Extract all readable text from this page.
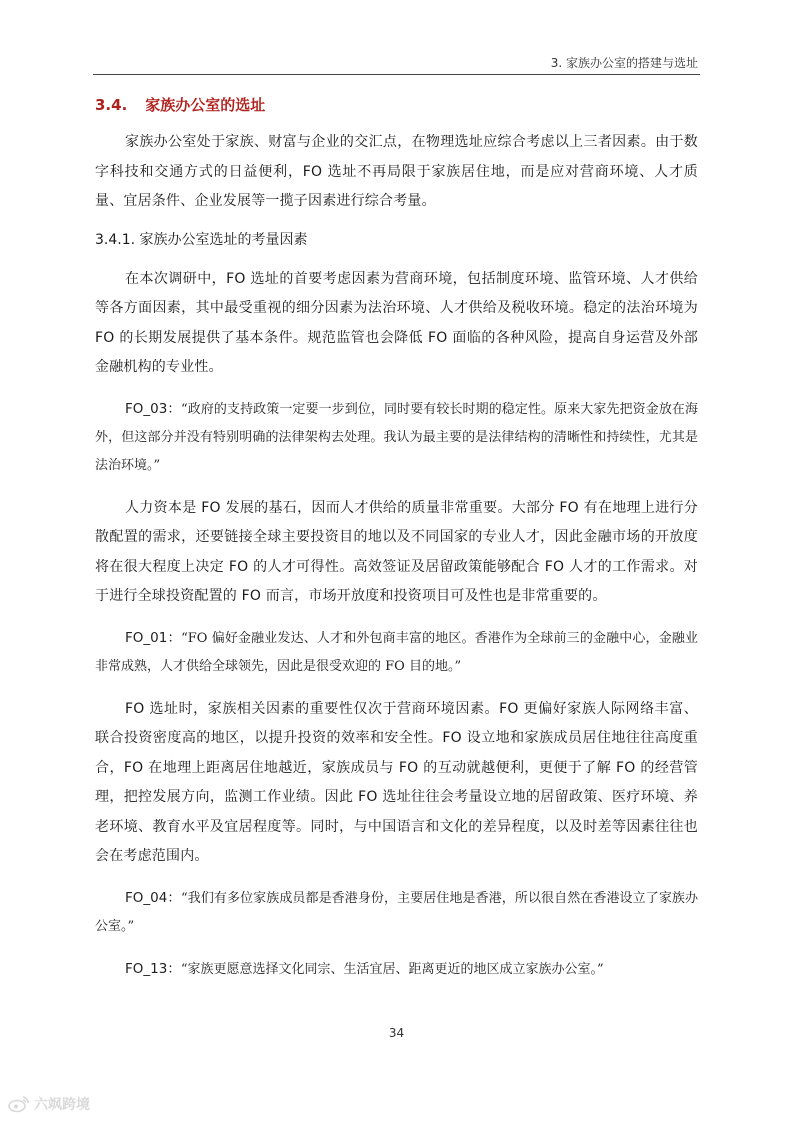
3. 家族办公室的搭建与选址
3.4. 家族办公室的选址

家族办公室处于家族、财富与企业的交汇点，在物理选址应综合考虑以上三者因素。由于数字科技和交通方式的日益便利，FO 选址不再局限于家族居住地，而是应对营商环境、人才质量、宜居条件、企业发展等一揽子因素进行综合考量。

3.4.1. 家族办公室选址的考量因素

在本次调研中，FO 选址的首要考虑因素为营商环境，包括制度环境、监管环境、人才供给等各方面因素，其中最受重视的细分因素为法治环境、人才供给及税收环境。稳定的法治环境为 FO 的长期发展提供了基本条件。规范监管也会降低 FO 面临的各种风险，提高自身运营及外部金融机构的专业性。

FO_03：“政府的支持政策一定要一步到位，同时要有较长时期的稳定性。原来大家先把资金放在海外，但这部分并没有特别明确的法律架构去处理。我认为最主要的是法律结构的清晰性和持续性，尤其是法治环境。”

人力资本是 FO 发展的基石，因而人才供给的质量非常重要。大部分 FO 有在地理上进行分散配置的需求，还要链接全球主要投资目的地以及不同国家的专业人才，因此金融市场的开放度将在很大程度上决定 FO 的人才可得性。高效签证及居留政策能够配合 FO 人才的工作需求。对于进行全球投资配置的 FO 而言，市场开放度和投资项目可及性也是非常重要的。

FO_01：“FO 偏好金融业发达、人才和外包商丰富的地区。香港作为全球前三的金融中心，金融业非常成熟，人才供给全球领先，因此是很受欢迎的 FO 目的地。”

FO 选址时，家族相关因素的重要性仅次于营商环境因素。FO 更偏好家族人际网络丰富、联合投资密度高的地区，以提升投资的效率和安全性。FO 设立地和家族成员居住地往往高度重合，FO 在地理上距离居住地越近，家族成员与 FO 的互动就越便利，更便于了解 FO 的经营管理，把控发展方向，监测工作业绩。因此 FO 选址往往会考量设立地的居留政策、医疗环境、养老环境、教育水平及宜居程度等。同时，与中国语言和文化的差异程度，以及时差等因素往往也会在考虑范围内。

FO_04：“我们有多位家族成员都是香港身份，主要居住地是香港，所以很自然在香港设立了家族办公室。”

FO_13：“家族更愿意选择文化同宗、生活宜居、距离更近的地区成立家族办公室。”

34
六飒跨境
